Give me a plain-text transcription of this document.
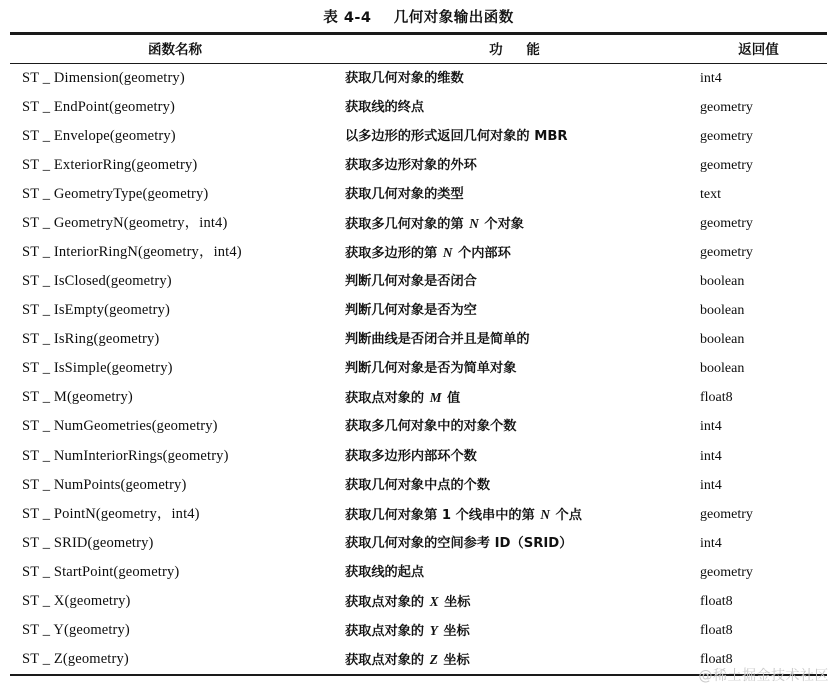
表 4-4    几何对象输出函数
函数名称	功    能	返回值
ST _ Dimension(geometry)	获取几何对象的维数	int4
ST _ EndPoint(geometry)	获取线的终点	geometry
ST _ Envelope(geometry)	以多边形的形式返回几何对象的 MBR	geometry
ST _ ExteriorRing(geometry)	获取多边形对象的外环	geometry
ST _ GeometryType(geometry)	获取几何对象的类型	text
ST _ GeometryN(geometry，int4)	获取多几何对象的第 N 个对象	geometry
ST _ InteriorRingN(geometry，int4)	获取多边形的第 N 个内部环	geometry
ST _ IsClosed(geometry)	判断几何对象是否闭合	boolean
ST _ IsEmpty(geometry)	判断几何对象是否为空	boolean
ST _ IsRing(geometry)	判断曲线是否闭合并且是简单的	boolean
ST _ IsSimple(geometry)	判断几何对象是否为简单对象	boolean
ST _ M(geometry)	获取点对象的 M 值	float8
ST _ NumGeometries(geometry)	获取多几何对象中的对象个数	int4
ST _ NumInteriorRings(geometry)	获取多边形内部环个数	int4
ST _ NumPoints(geometry)	获取几何对象中点的个数	int4
ST _ PointN(geometry，int4)	获取几何对象第 1 个线串中的第 N 个点	geometry
ST _ SRID(geometry)	获取几何对象的空间参考 ID（SRID）	int4
ST _ StartPoint(geometry)	获取线的起点	geometry
ST _ X(geometry)	获取点对象的 X 坐标	float8
ST _ Y(geometry)	获取点对象的 Y 坐标	float8
ST _ Z(geometry)	获取点对象的 Z 坐标	float8
@稀土掘金技术社区
